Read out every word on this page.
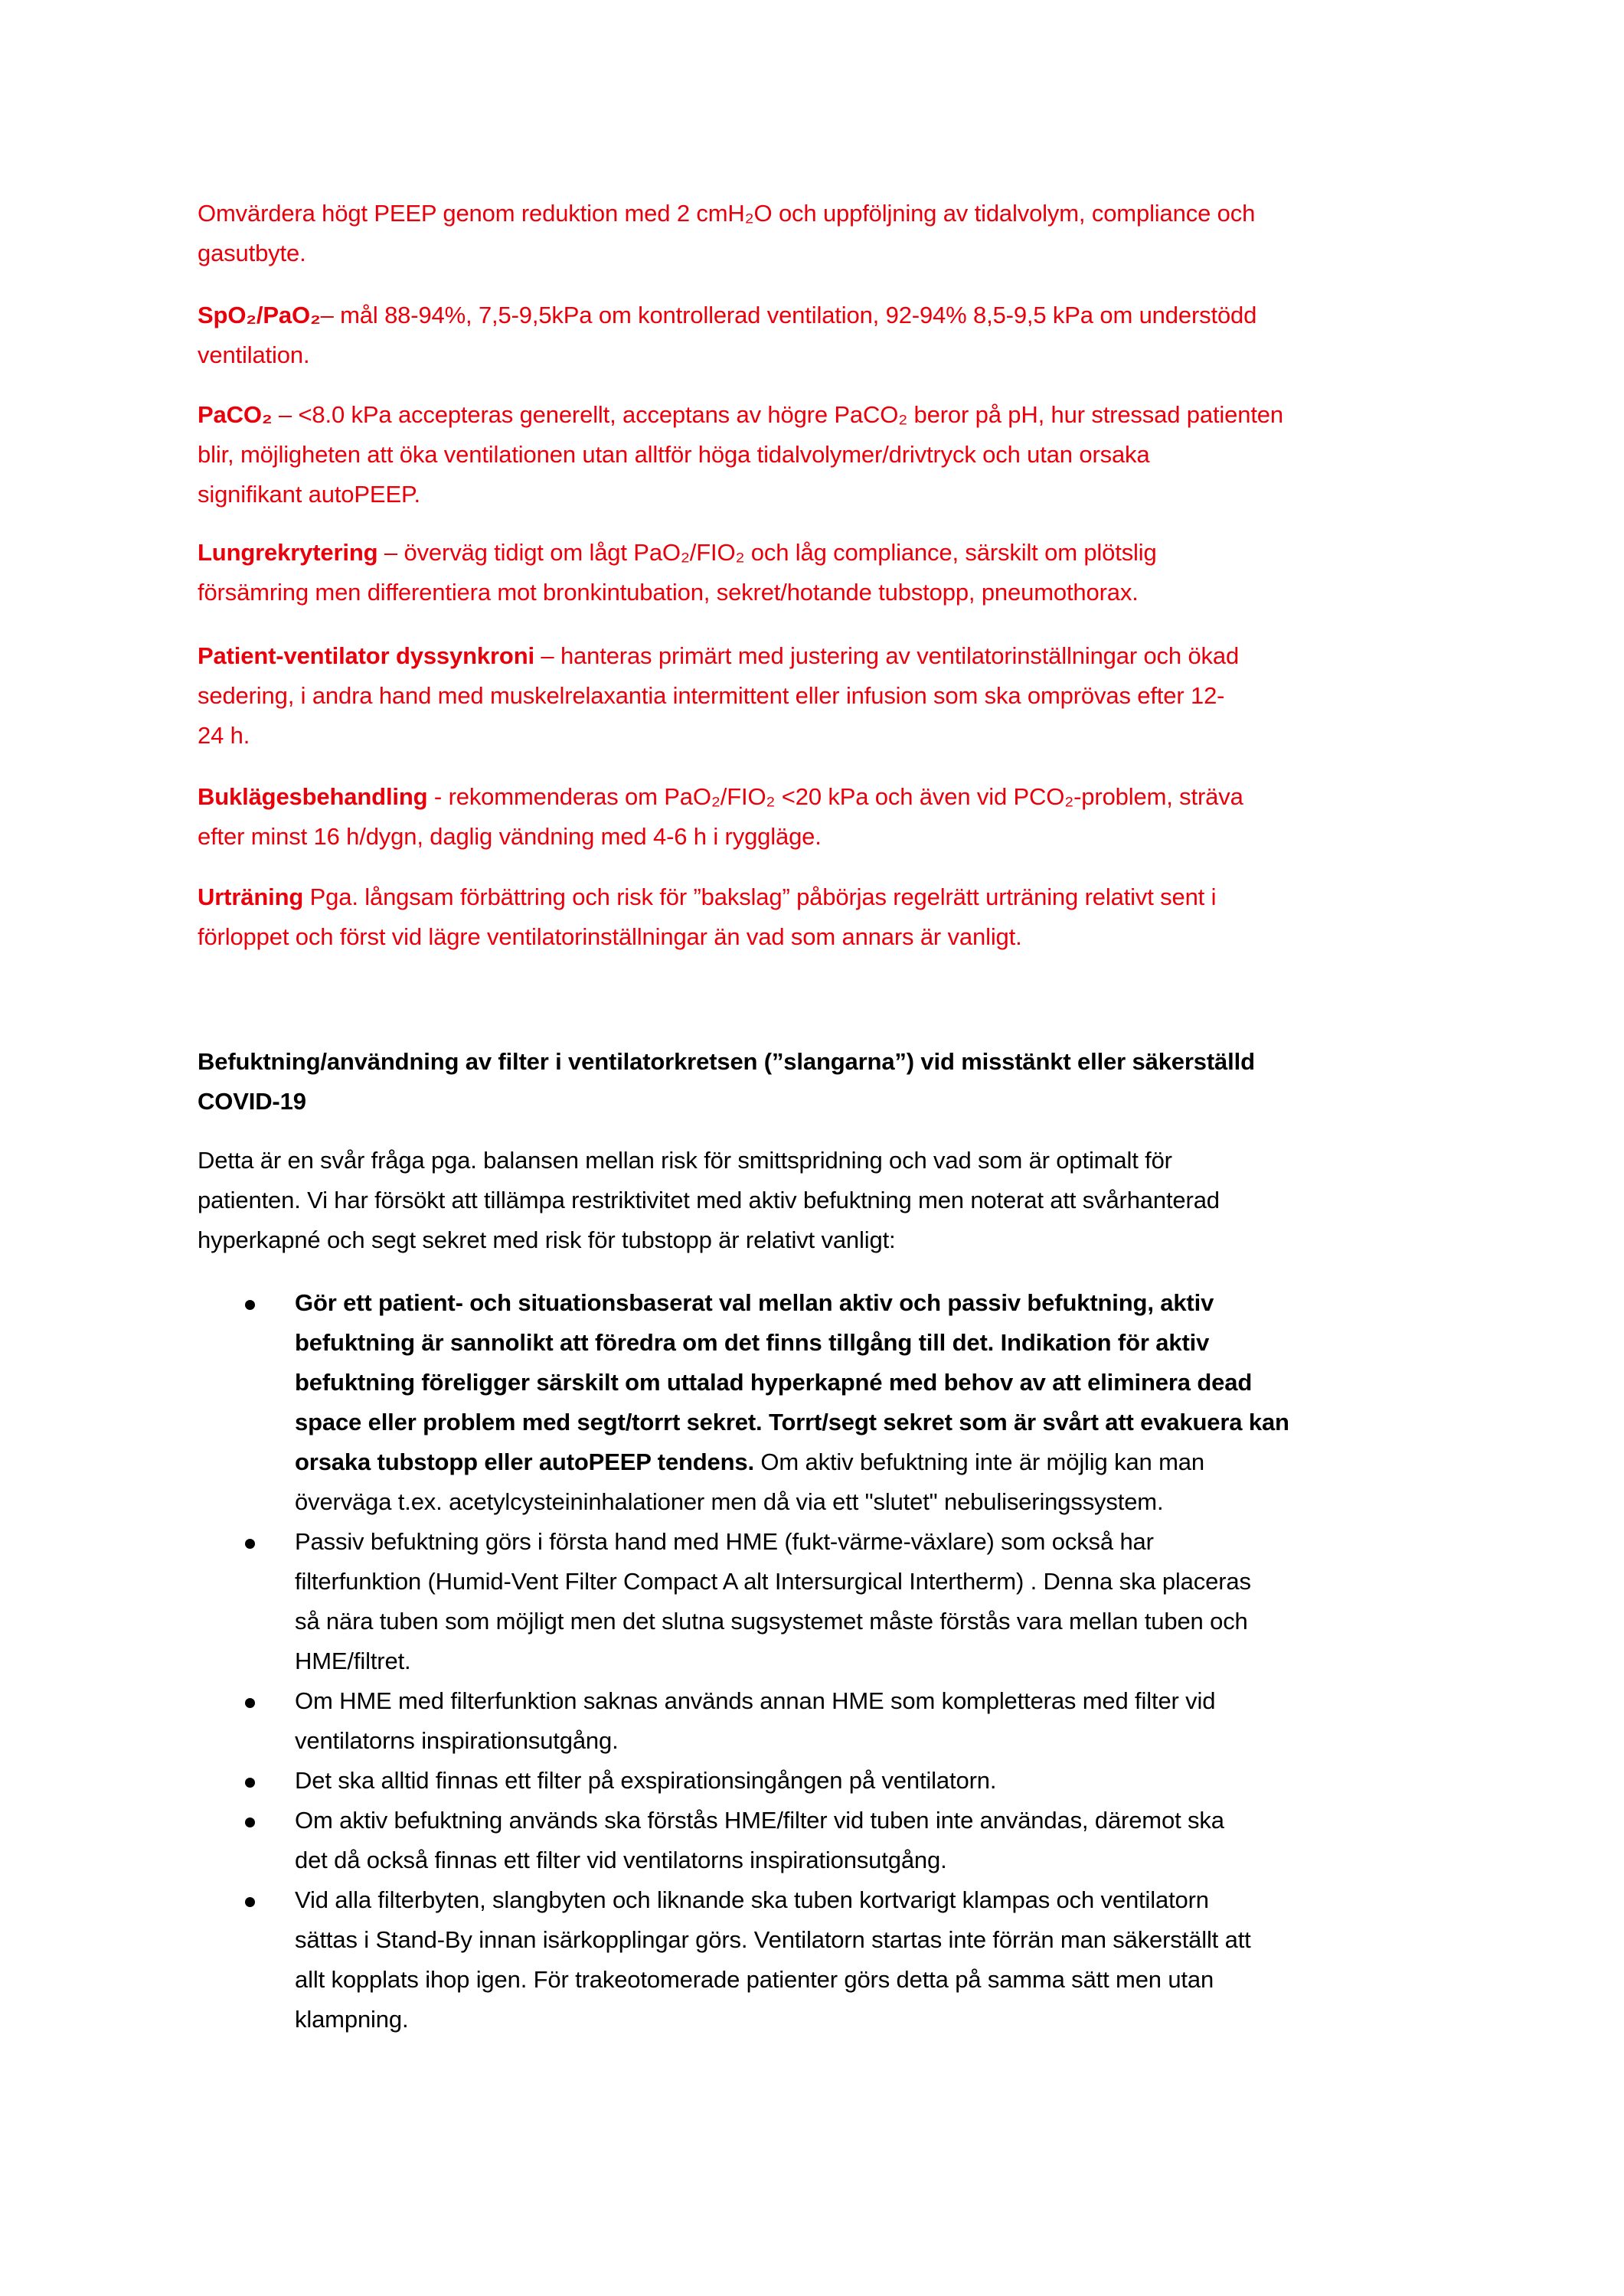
Omvärdera högt PEEP genom reduktion med 2 cmH₂O och uppföljning av tidalvolym, compliance och
gasutbyte.

SpO₂/PaO₂– mål 88-94%, 7,5-9,5kPa om kontrollerad ventilation, 92-94% 8,5-9,5 kPa om understödd
ventilation.

PaCO₂ – <8.0 kPa accepteras generellt, acceptans av högre PaCO₂ beror på pH, hur stressad patienten
blir, möjligheten att öka ventilationen utan alltför höga tidalvolymer/drivtryck och utan orsaka
signifikant autoPEEP.

Lungrekrytering – överväg tidigt om lågt PaO₂/FIO₂ och låg compliance, särskilt om plötslig
försämring men differentiera mot bronkintubation, sekret/hotande tubstopp, pneumothorax.

Patient-ventilator dyssynkroni – hanteras primärt med justering av ventilatorinställningar och ökad
sedering, i andra hand med muskelrelaxantia intermittent eller infusion som ska omprövas efter 12-
24 h.

Buklägesbehandling - rekommenderas om PaO₂/FIO₂ <20 kPa och även vid PCO₂-problem, sträva
efter minst 16 h/dygn, daglig vändning med 4-6 h i ryggläge.

Urträning Pga. långsam förbättring och risk för ”bakslag” påbörjas regelrätt urträning relativt sent i
förloppet och först vid lägre ventilatorinställningar än vad som annars är vanligt.

Befuktning/användning av filter i ventilatorkretsen (”slangarna”) vid misstänkt eller säkerställd
COVID-19

Detta är en svår fråga pga. balansen mellan risk för smittspridning och vad som är optimalt för
patienten. Vi har försökt att tillämpa restriktivitet med aktiv befuktning men noterat att svårhanterad
hyperkapné och segt sekret med risk för tubstopp är relativt vanligt:

Gör ett patient- och situationsbaserat val mellan aktiv och passiv befuktning, aktiv
befuktning är sannolikt att föredra om det finns tillgång till det. Indikation för aktiv
befuktning föreligger särskilt om uttalad hyperkapné med behov av att eliminera dead
space eller problem med segt/torrt sekret. Torrt/segt sekret som är svårt att evakuera kan
orsaka tubstopp eller autoPEEP tendens. Om aktiv befuktning inte är möjlig kan man
överväga t.ex. acetylcysteininhalationer men då via ett "slutet" nebuliseringssystem.
Passiv befuktning görs i första hand med HME (fukt-värme-växlare) som också har
filterfunktion (Humid-Vent Filter Compact A alt Intersurgical Intertherm) . Denna ska placeras
så nära tuben som möjligt men det slutna sugsystemet måste förstås vara mellan tuben och
HME/filtret.
Om HME med filterfunktion saknas används annan HME som kompletteras med filter vid
ventilatorns inspirationsutgång.
Det ska alltid finnas ett filter på exspirationsingången på ventilatorn.
Om aktiv befuktning används ska förstås HME/filter vid tuben inte användas, däremot ska
det då också finnas ett filter vid ventilatorns inspirationsutgång.
Vid alla filterbyten, slangbyten och liknande ska tuben kortvarigt klampas och ventilatorn
sättas i Stand-By innan isärkopplingar görs. Ventilatorn startas inte förrän man säkerställt att
allt kopplats ihop igen. För trakeotomerade patienter görs detta på samma sätt men utan
klampning.
